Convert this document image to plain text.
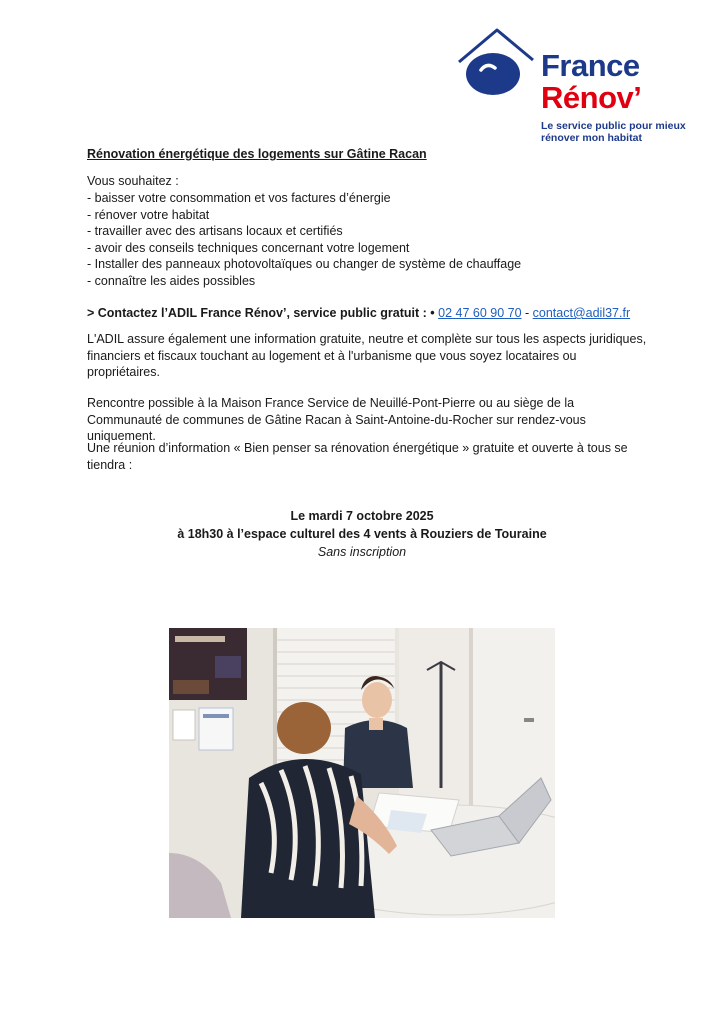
France
Rénov’
Le service public pour mieux rénover mon habitat

Rénovation énergétique des logements sur Gâtine Racan

Vous souhaitez :

- baisser votre consommation et vos factures d’énergie
- rénover votre habitat
- travailler avec des artisans locaux et certifiés
- avoir des conseils techniques concernant votre logement
- Installer des panneaux photovoltaïques ou changer de système de chauffage
- connaître les aides possibles

> Contactez l’ADIL France Rénov’, service public gratuit : • 02 47 60 90 70 - contact@adil37.fr

L'ADIL assure également une information gratuite, neutre et complète sur tous les aspects juridiques, financiers et fiscaux touchant au logement et à l'urbanisme que vous soyez locataires ou propriétaires.

Rencontre possible à la Maison France Service de Neuillé-Pont-Pierre ou au siège de la Communauté de communes de Gâtine Racan à Saint-Antoine-du-Rocher sur rendez-vous uniquement.

Une réunion d’information « Bien penser sa rénovation énergétique » gratuite et ouverte à tous se tiendra :

Le mardi 7 octobre 2025

à 18h30 à l’espace culturel des 4 vents à Rouziers de Touraine

Sans inscription
